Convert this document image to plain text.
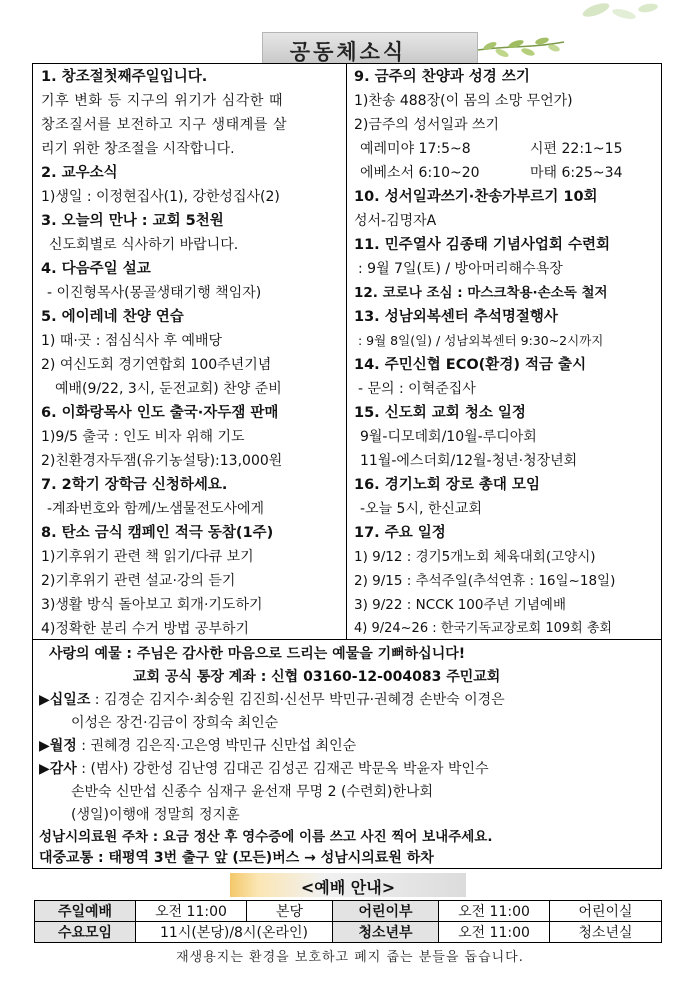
공동체소식
1. 창조절첫째주일입니다.
기후 변화 등 지구의 위기가 심각한 때
창조질서를 보전하고 지구 생태계를 살
리기 위한 창조절을 시작합니다.
2. 교우소식
1)생일 : 이정현집사(1), 강한성집사(2)
3. 오늘의 만나 : 교회 5천원
신도회별로 식사하기 바랍니다.
4. 다음주일 설교
- 이진형목사(몽골생태기행 책임자)
5. 에이레네 찬양 연습
1) 때·곳 : 점심식사 후 예배당
2) 여신도회 경기연합회 100주년기념
예배(9/22, 3시, 둔전교회) 찬양 준비
6. 이화랑목사 인도 출국·자두잼 판매
1)9/5 출국 : 인도 비자 위해 기도
2)친환경자두잼(유기농설탕):13,000원
7. 2학기 장학금 신청하세요.
-계좌번호와 함께/노샘물전도사에게
8. 탄소 금식 캠페인 적극 동참(1주)
1)기후위기 관련 책 읽기/다큐 보기
2)기후위기 관련 설교·강의 듣기
3)생활 방식 돌아보고 회개·기도하기
4)정확한 분리 수거 방법 공부하기
9. 금주의 찬양과 성경 쓰기
1)찬송 488장(이 몸의 소망 무언가)
2)금주의 성서일과 쓰기
예레미야 17:5~8	시편 22:1~15
에베소서 6:10~20	마태 6:25~34
10. 성서일과쓰기·찬송가부르기 10회
성서-김명자A
11. 민주열사 김종태 기념사업회 수련회
: 9월 7일(토) / 방아머리해수욕장
12. 코로나 조심 : 마스크착용·손소독 철저
13. 성남외복센터 추석명절행사
: 9월 8일(일) / 성남외복센터 9:30~2시까지
14. 주민신협 ECO(환경) 적금 출시
- 문의 : 이혁준집사
15. 신도회 교회 청소 일정
9월-디모데회/10월-루디아회
11월-에스더회/12월-청년·청장년회
16. 경기노회 장로 총대 모임
-오늘 5시, 한신교회
17. 주요 일정
1) 9/12 : 경기5개노회 체육대회(고양시)
2) 9/15 : 추석주일(추석연휴 : 16일~18일)
3) 9/22 : NCCK 100주년 기념예배
4) 9/24~26 : 한국기독교장로회 109회 총회
사랑의 예물 : 주님은 감사한 마음으로 드리는 예물을 기뻐하십니다!
교회 공식 통장 계좌 : 신협 03160-12-004083 주민교회
▶십일조 : 김경순 김지수·최숭원 김진희·신선무 박민규·권혜경 손반숙 이경은
이성은 장건·김금이 장희숙 최인순
▶월정 : 권혜경 김은직·고은영 박민규 신만섭 최인순
▶감사 : (범사) 강한성 김난영 김대곤 김성곤 김재곤 박문옥 박윤자 박인수
손반숙 신만섭 신종수 심재구 윤선재 무명 2 (수련회)한나회
(생일)이행애 정말희 정지훈
성남시의료원 주차 : 요금 정산 후 영수증에 이름 쓰고 사진 찍어 보내주세요.
대중교통 : 태평역 3번 출구 앞 (모든)버스 → 성남시의료원 하차
<예배 안내>
주일예배	오전 11:00	본당	어린이부	오전 11:00	어린이실
수요모임	11시(본당)/8시(온라인)		청소년부	오전 11:00	청소년실
재생용지는 환경을 보호하고 폐지 줍는 분들을 돕습니다.
